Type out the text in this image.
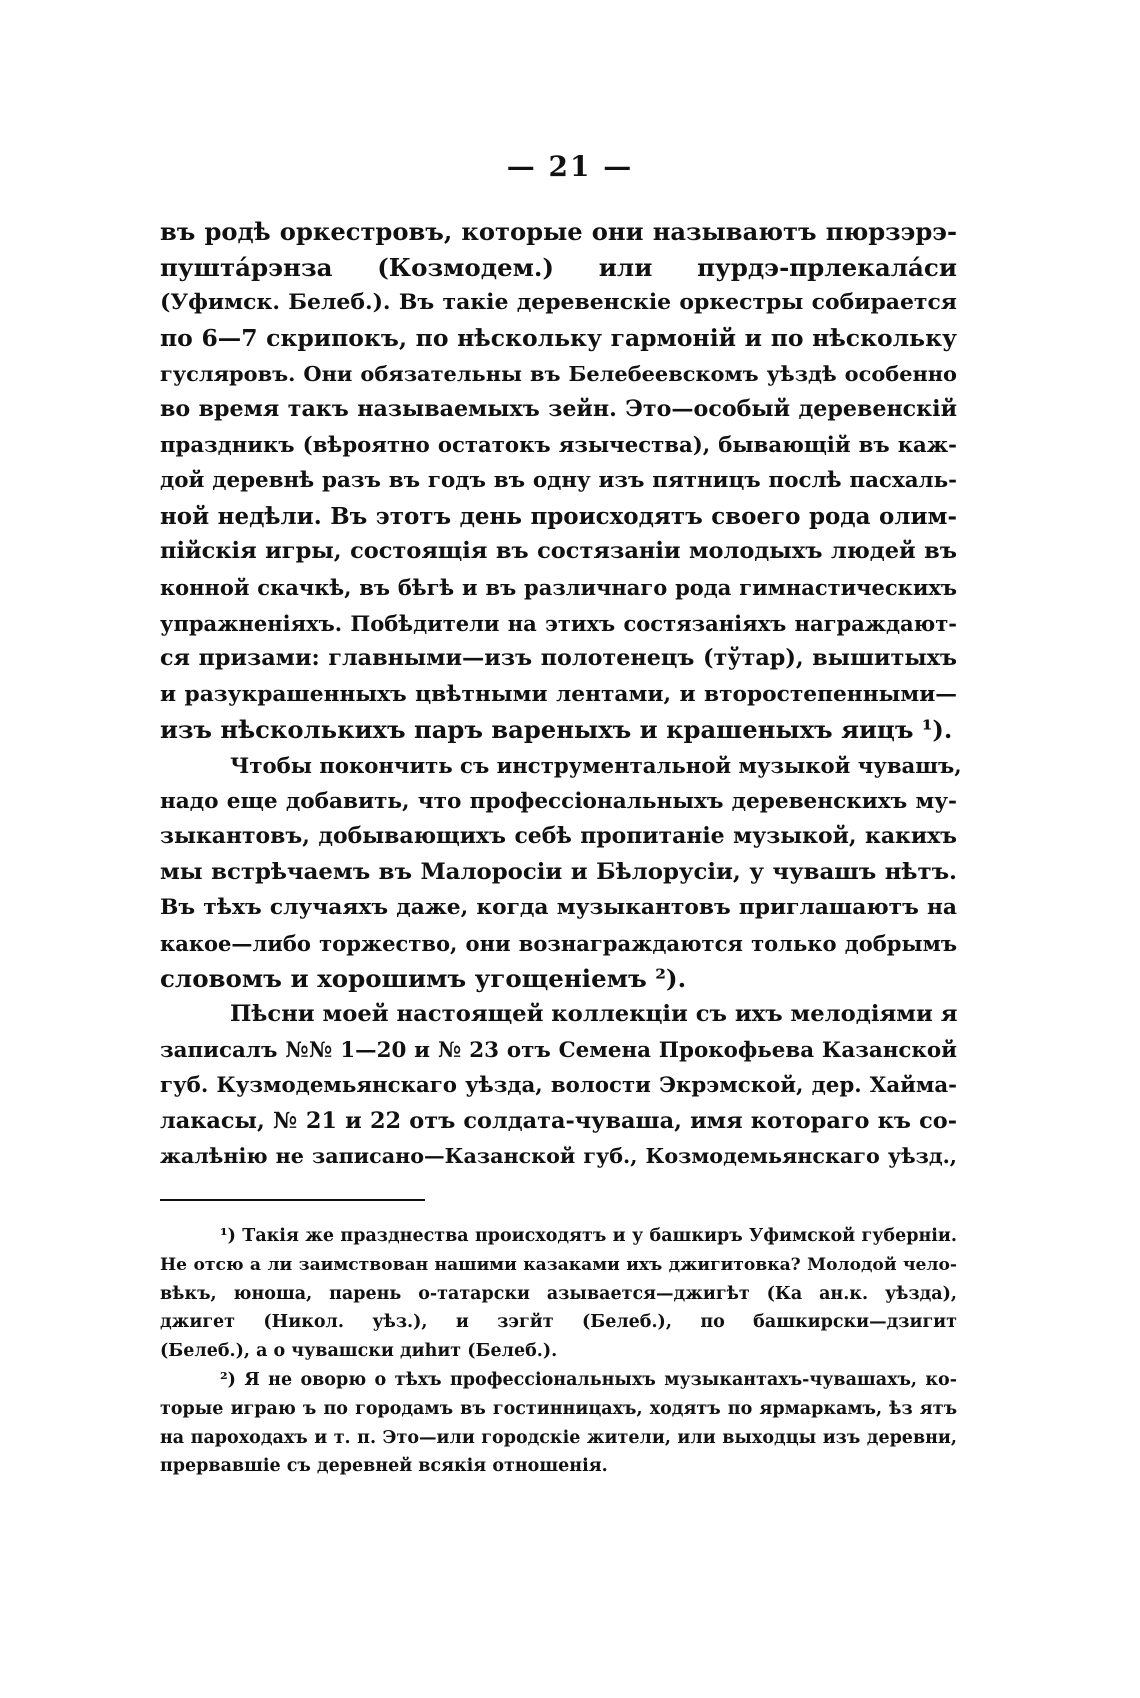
— 21 —
въ родѣ оркестровъ, которые они называютъ пюрзэрэ-
пуштáрэнза (Козмодем.) или пурдэ-прлекалáси
(Уфимск. Белеб.). Въ такіе деревенскіе оркестры собирается
по 6—7 скрипокъ, по нѣскольку гармоній и по нѣскольку
гусляровъ. Они обязательны въ Белебеевскомъ уѣздѣ особенно
во время такъ называемыхъ зейн. Это—особый деревенскій
праздникъ (вѣроятно остатокъ язычества), бывающій въ каж-
дой деревнѣ разъ въ годъ въ одну изъ пятницъ послѣ пасхаль-
ной недѣли. Въ этотъ день происходятъ своего рода олим-
пійскія игры, состоящія въ состязаніи молодыхъ людей въ
конной скачкѣ, въ бѣгѣ и въ различнаго рода гимнастическихъ
упражненіяхъ. Побѣдители на этихъ состязаніяхъ награждают-
ся призами: главными—изъ полотенецъ (тўтар), вышитыхъ
и разукрашенныхъ цвѣтными лентами, и второстепенными—
изъ нѣсколькихъ паръ вареныхъ и крашеныхъ яицъ ¹).
Чтобы покончить съ инструментальной музыкой чувашъ,
надо еще добавить, что профессіональныхъ деревенскихъ му-
зыкантовъ, добывающихъ себѣ пропитаніе музыкой, какихъ
мы встрѣчаемъ въ Малоросіи и Бѣлорусіи, у чувашъ нѣтъ.
Въ тѣхъ случаяхъ даже, когда музыкантовъ приглашаютъ на
какое—либо торжество, они вознаграждаются только добрымъ
словомъ и хорошимъ угощеніемъ ²).
Пѣсни моей настоящей коллекціи съ ихъ мелодіями я
записалъ №№ 1—20 и № 23 отъ Семена Прокофьева Казанской
губ. Кузмодемьянскаго уѣзда, волости Экрэмской, дер. Хайма-
лакасы, № 21 и 22 отъ солдата-чуваша, имя котораго къ со-
жалѣнію не записано—Казанской губ., Козмодемьянскаго уѣзд.,
¹) Такія же празднества происходятъ и у башкиръ Уфимской губерніи.
Не отсю а ли заимствован нашими казаками ихъ джигитовка? Молодой чело-
вѣкъ, юноша, парень о-татарски азывается—джигѣт (Ка ан.к. уѣзда),
джигет (Никол. уѣз.), и зэгйт (Белеб.), по башкирски—дзигит
(Белеб.), а о чувашски диһит (Белеб.).
²) Я не оворю о тѣхъ профессіональныхъ музыкантахъ-чувашахъ, ко-
торые играю ъ по городамъ въ гостинницахъ, ходятъ по ярмаркамъ, ѣз ятъ
на пароходахъ и т. п. Это—или городскіе жители, или выходцы изъ деревни,
прервавшіе съ деревней всякія отношенія.
